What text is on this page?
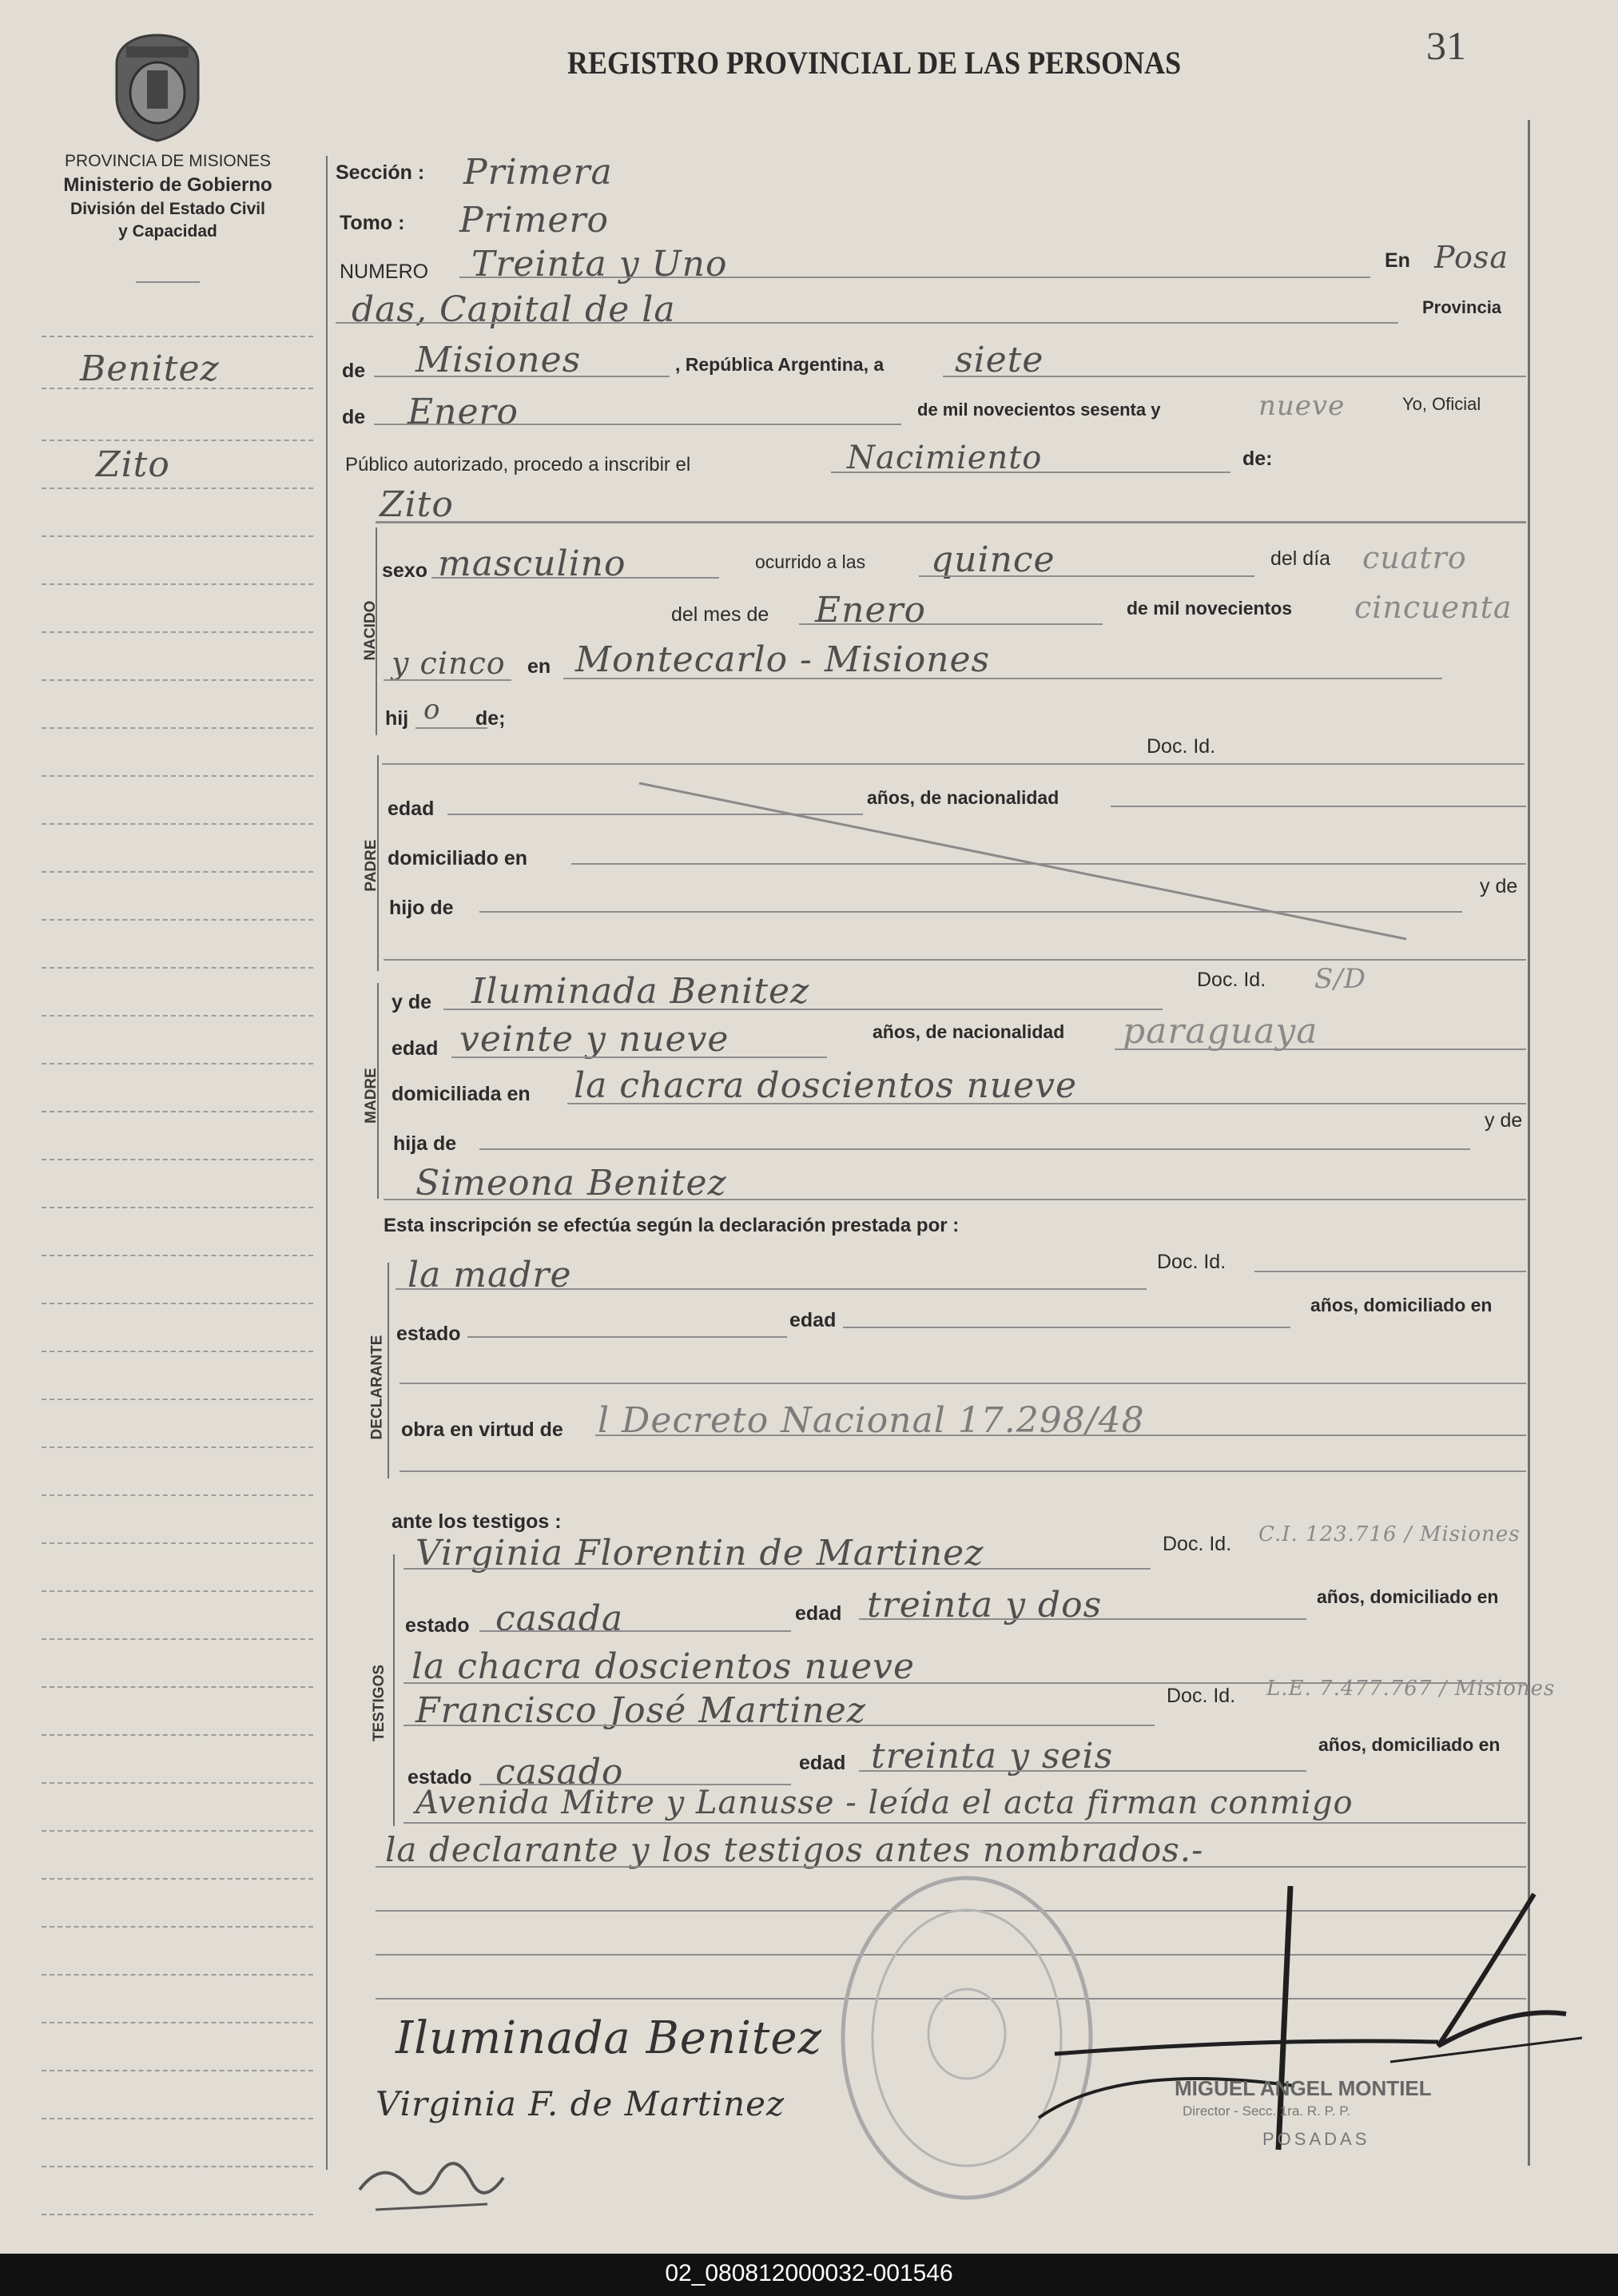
REGISTRO PROVINCIAL DE LAS PERSONAS	31
PROVINCIA DE MISIONES
Ministerio de Gobierno
División del Estado Civil
y Capacidad
Benitez
Zito
Sección : Primera
Tomo : Primero
NUMERO Treinta y Uno	En Posa
das, Capital de la	Provincia
de Misiones	, República Argentina, a siete
de Enero	de mil novecientos sesenta y	nueve	Yo, Oficial
Público autorizado, procedo a inscribir el	Nacimiento	de:
NACIDO
Zito
sexo masculino	ocurrido a las quince	del día cuatro
del mes de Enero	de mil novecientos cincuenta
y cinco en Montecarlo - Misiones
hij o de;
Doc. Id.
PADRE
edad	años, de nacionalidad
domiciliado en
hijo de
y de
MADRE
y de Iluminada Benitez	Doc. Id. S/D
edad veinte y nueve	años, de nacionalidad paraguaya
domiciliada en la chacra doscientos nueve
hija de
y de
Simeona Benitez
Esta inscripción se efectúa según la declaración prestada por :
DECLARANTE
la madre	Doc. Id.
estado
edad
años, domiciliado en
obra en virtud de l Decreto Nacional 17.298/48
ante los testigos :
TESTIGOS
Virginia Florentin de Martinez	Doc. Id. C.I. 123.716 / Misiones
estado casada	edad treinta y dos	años, domiciliado en
la chacra doscientos nueve
Francisco José Martinez	Doc. Id. L.E. 7.477.767 / Misiones
estado casado	edad treinta y seis	años, domiciliado en
Avenida Mitre y Lanusse - leída el acta firman conmigo
la declarante y los testigos antes nombrados.-
Iluminada Benitez
Virginia F. de Martinez	MIGUEL ANGEL MONTIEL
Director - Secc. 1ra. R. P. P.
POSADAS
02_080812000032-001546
